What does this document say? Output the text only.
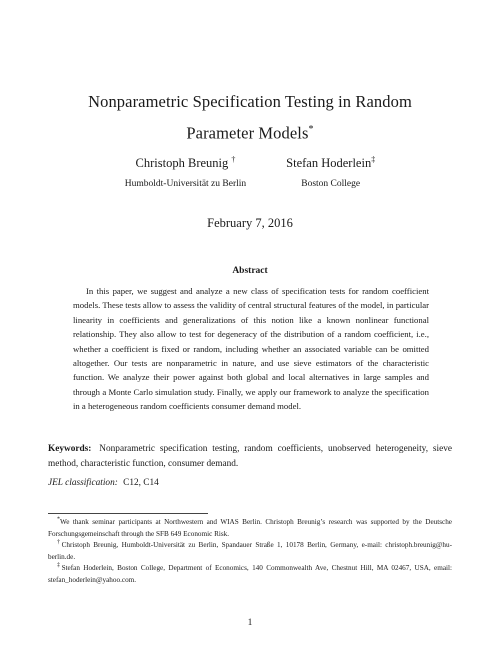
Nonparametric Specification Testing in Random
Parameter Models*
Christoph Breunig †
Humboldt-Universität zu Berlin
Stefan Hoderlein‡
Boston College
February 7, 2016
Abstract
In this paper, we suggest and analyze a new class of specification tests for random coefficient models. These tests allow to assess the validity of central structural features of the model, in particular linearity in coefficients and generalizations of this notion like a known nonlinear functional relationship. They also allow to test for degeneracy of the distribution of a random coefficient, i.e., whether a coefficient is fixed or random, including whether an associated variable can be omitted altogether. Our tests are nonparametric in nature, and use sieve estimators of the characteristic function. We analyze their power against both global and local alternatives in large samples and through a Monte Carlo simulation study. Finally, we apply our framework to analyze the specification in a heterogeneous random coefficients consumer demand model.
Keywords: Nonparametric specification testing, random coefficients, unobserved heterogeneity, sieve method, characteristic function, consumer demand.
JEL classification: C12, C14

*We thank seminar participants at Northwestern and WIAS Berlin. Christoph Breunig’s research was supported by the Deutsche Forschungsgemeinschaft through the SFB 649 Economic Risk.

†Christoph Breunig, Humboldt-Universität zu Berlin, Spandauer Straße 1, 10178 Berlin, Germany, e-mail: christoph.breunig@hu-berlin.de.

‡Stefan Hoderlein, Boston College, Department of Economics, 140 Commonwealth Ave, Chestnut Hill, MA 02467, USA, email: stefan_hoderlein@yahoo.com.

1
